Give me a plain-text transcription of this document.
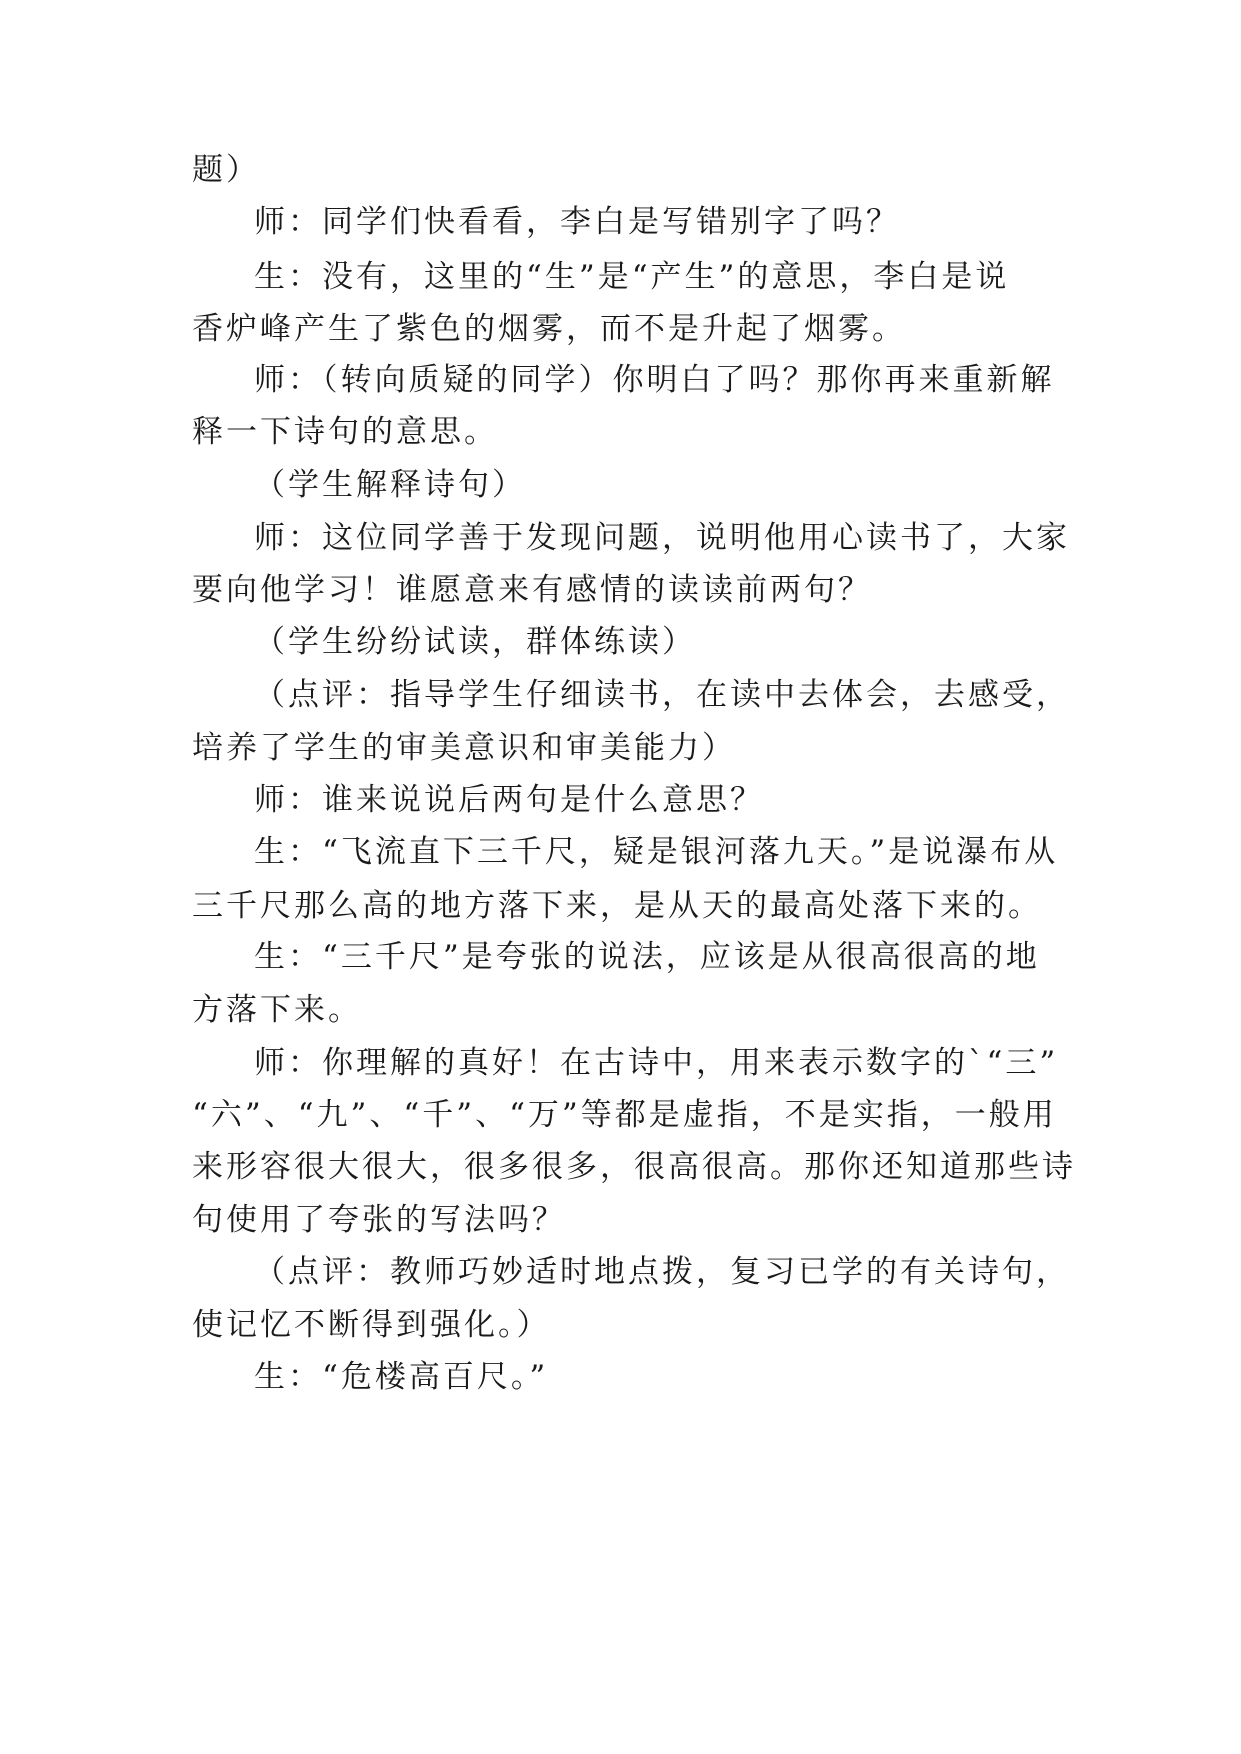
题）
师：同学们快看看，李白是写错别字了吗？
生：没有，这里的“生”是“产生”的意思，李白是说
香炉峰产生了紫色的烟雾，而不是升起了烟雾。
师：（转向质疑的同学）你明白了吗？那你再来重新解
释一下诗句的意思。
（学生解释诗句）
师：这位同学善于发现问题，说明他用心读书了，大家
要向他学习！谁愿意来有感情的读读前两句？
（学生纷纷试读，群体练读）
（点评：指导学生仔细读书，在读中去体会，去感受，
培养了学生的审美意识和审美能力）
师：谁来说说后两句是什么意思？
生：“飞流直下三千尺，疑是银河落九天。”是说瀑布从
三千尺那么高的地方落下来，是从天的最高处落下来的。
生：“三千尺”是夸张的说法，应该是从很高很高的地
方落下来。
师：你理解的真好！在古诗中，用来表示数字的`“三”
“六”、“九”、“千”、“万”等都是虚指，不是实指，一般用
来形容很大很大，很多很多，很高很高。那你还知道那些诗
句使用了夸张的写法吗？
（点评：教师巧妙适时地点拨，复习已学的有关诗句，
使记忆不断得到强化。）
生：“危楼高百尺。”
